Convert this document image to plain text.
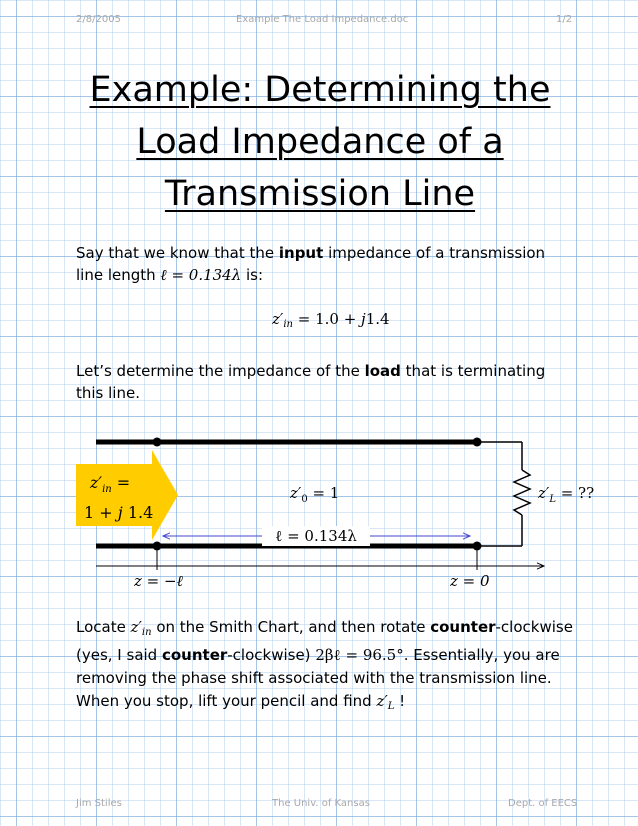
2/8/2005	Example The Load Impedance.doc	1/2
Example: Determining the
Load Impedance of a
Transmission Line
Say that we know that the input impedance of a transmission line length ℓ = 0.134λ is:
$z'_{in} = 1.0 + j1.4$
Let’s determine the impedance of the load that is terminating this line.
ℓ = 0.134λ
$z'_{in}$ =
1 + j 1.4
$z'_0 = 1$	$z'_L$ = ??
z = −ℓ	z = 0
Locate $z'_{in}$ on the Smith Chart, and then rotate counter-clockwise (yes, I said counter-clockwise) 2βℓ = 96.5°. Essentially, you are removing the phase shift associated with the transmission line. When you stop, lift your pencil and find $z'_L$ !
Jim Stiles	The Univ. of Kansas	Dept. of EECS
